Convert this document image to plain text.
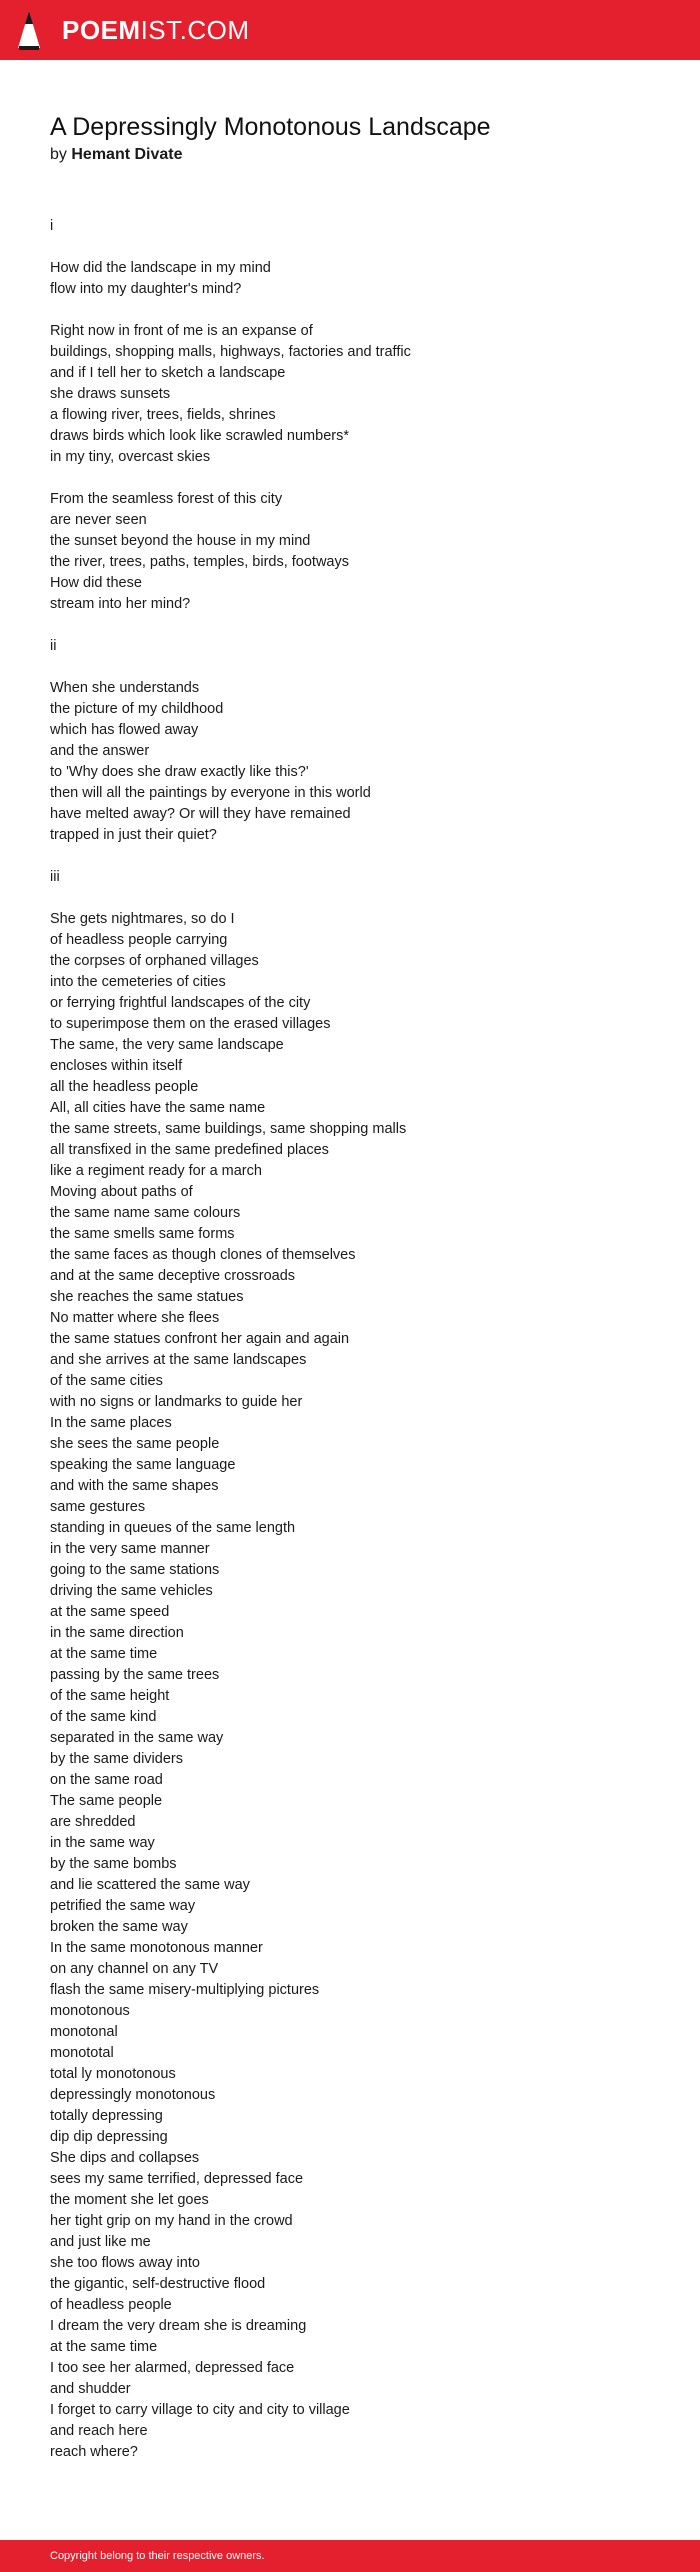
POEMIST.COM
A Depressingly Monotonous Landscape
by Hemant Divate
i
How did the landscape in my mind
flow into my daughter's mind?
Right now in front of me is an expanse of
buildings, shopping malls, highways, factories and traffic
and if I tell her to sketch a landscape
she draws sunsets
a flowing river, trees, fields, shrines
draws birds which look like scrawled numbers*
in my tiny, overcast skies
From the seamless forest of this city
are never seen
the sunset beyond the house in my mind
the river, trees, paths, temples, birds, footways
How did these
stream into her mind?
ii
When she understands
the picture of my childhood
which has flowed away
and the answer
to 'Why does she draw exactly like this?'
then will all the paintings by everyone in this world
have melted away? Or will they have remained
trapped in just their quiet?
iii
She gets nightmares, so do I
of headless people carrying
the corpses of orphaned villages
into the cemeteries of cities
or ferrying frightful landscapes of the city
to superimpose them on the erased villages
The same, the very same landscape
encloses within itself
all the headless people
All, all cities have the same name
the same streets, same buildings, same shopping malls
all transfixed in the same predefined places
like a regiment ready for a march
Moving about paths of
the same name same colours
the same smells same forms
the same faces as though clones of themselves
and at the same deceptive crossroads
she reaches the same statues
No matter where she flees
the same statues confront her again and again
and she arrives at the same landscapes
of the same cities
with no signs or landmarks to guide her
In the same places
she sees the same people
speaking the same language
and with the same shapes
same gestures
standing in queues of the same length
in the very same manner
going to the same stations
driving the same vehicles
at the same speed
in the same direction
at the same time
passing by the same trees
of the same height
of the same kind
separated in the same way
by the same dividers
on the same road
The same people
are shredded
in the same way
by the same bombs
and lie scattered the same way
petrified the same way
broken the same way
In the same monotonous manner
on any channel on any TV
flash the same misery-multiplying pictures
monotonous
monotonal
monototal
total ly monotonous
depressingly monotonous
totally depressing
dip dip depressing
She dips and collapses
sees my same terrified, depressed face
the moment she let goes
her tight grip on my hand in the crowd
and just like me
she too flows away into
the gigantic, self-destructive flood
of headless people
I dream the very dream she is dreaming
at the same time
I too see her alarmed, depressed face
and shudder
I forget to carry village to city and city to village
and reach here
reach where?
Copyright belong to their respective owners.
